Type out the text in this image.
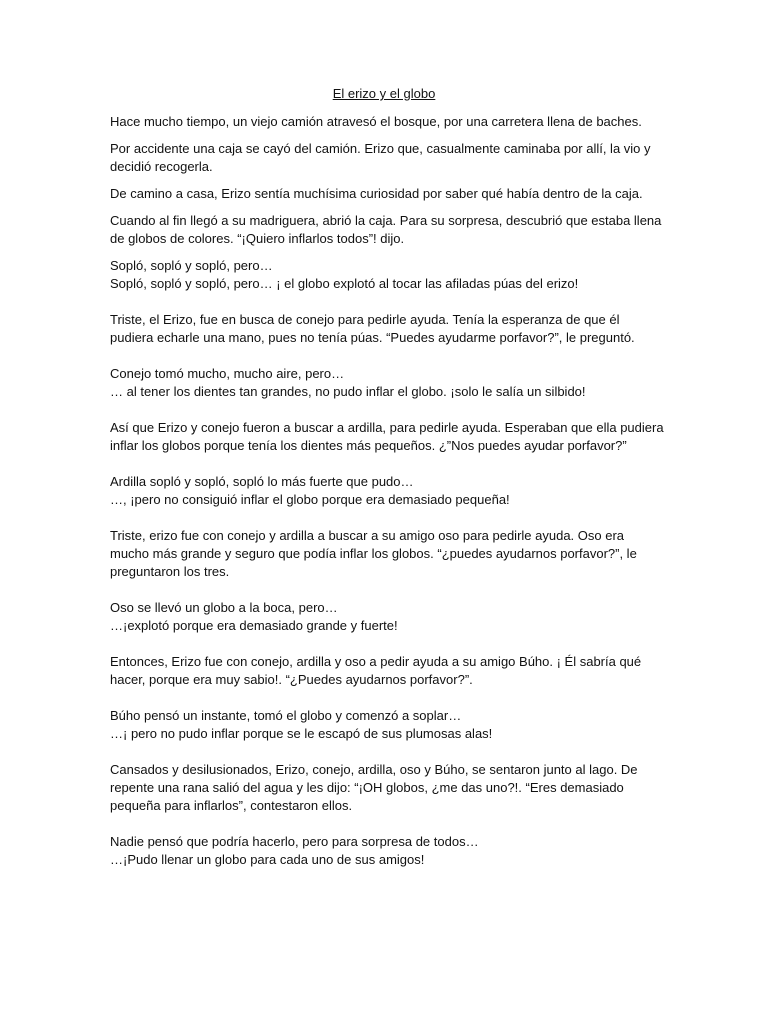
El erizo y el globo

Hace mucho tiempo, un viejo camión atravesó el bosque, por una carretera llena de baches.

Por accidente una caja se cayó del camión. Erizo que, casualmente caminaba por allí, la vio y
decidió recogerla.

De camino a casa, Erizo sentía muchísima curiosidad por saber qué había dentro de la caja.

Cuando al fin llegó a su madriguera, abrió la caja. Para su sorpresa, descubrió que estaba llena
de globos de colores. “¡Quiero inflarlos todos”! dijo.

Sopló, sopló y sopló, pero…
Sopló, sopló y sopló, pero… ¡ el globo explotó al tocar las afiladas púas del erizo!

Triste, el Erizo, fue en busca de conejo para pedirle ayuda. Tenía la esperanza de que él
pudiera echarle una mano, pues no tenía púas. “Puedes ayudarme porfavor?”, le preguntó.

Conejo tomó mucho, mucho aire, pero…
… al tener los dientes tan grandes, no pudo inflar el globo. ¡solo le salía un silbido!

Así que Erizo y conejo fueron a buscar a ardilla, para pedirle ayuda. Esperaban que ella pudiera
inflar los globos porque tenía los dientes más pequeños. ¿”Nos puedes ayudar porfavor?”

Ardilla sopló y sopló, sopló lo más fuerte que pudo…
…, ¡pero no consiguió inflar el globo porque era demasiado pequeña!

Triste, erizo fue con conejo y ardilla a buscar a su amigo oso para pedirle ayuda. Oso era
mucho más grande y seguro que podía inflar los globos. “¿puedes ayudarnos porfavor?”, le
preguntaron los tres.

Oso se llevó un globo a la boca, pero…
…¡explotó porque era demasiado grande y fuerte!

Entonces, Erizo fue con conejo, ardilla y oso a pedir ayuda a su amigo Búho. ¡ Él sabría qué
hacer, porque era muy sabio!. “¿Puedes ayudarnos porfavor?”.

Búho pensó un instante, tomó el globo y comenzó a soplar…
…¡ pero no pudo inflar porque se le escapó de sus plumosas alas!

Cansados y desilusionados, Erizo, conejo, ardilla, oso y Búho, se sentaron junto al lago. De
repente una rana salió del agua y les dijo: “¡OH globos, ¿me das uno?!. “Eres demasiado
pequeña para inflarlos”, contestaron ellos.

Nadie pensó que podría hacerlo, pero para sorpresa de todos…
…¡Pudo llenar un globo para cada uno de sus amigos!
